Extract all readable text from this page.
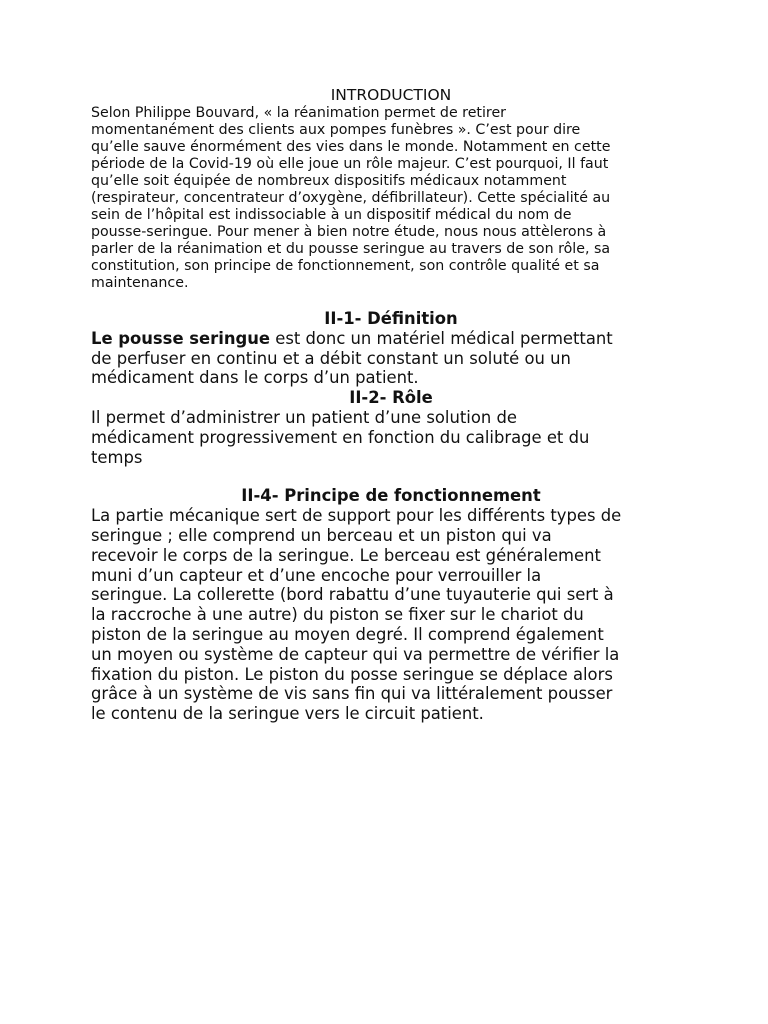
INTRODUCTION

Selon Philippe Bouvard, « la réanimation permet de retirer
momentanément des clients aux pompes funèbres ». C’est pour dire
qu’elle sauve énormément des vies dans le monde. Notamment en cette
période de la Covid-19 où elle joue un rôle majeur. C’est pourquoi, Il faut
qu’elle soit équipée de nombreux dispositifs médicaux notamment
(respirateur, concentrateur d’oxygène, défibrillateur). Cette spécialité au
sein de l’hôpital est indissociable à un dispositif médical du nom de
pousse-seringue. Pour mener à bien notre étude, nous nous attèlerons à
parler de la réanimation et du pousse seringue au travers de son rôle, sa
constitution, son principe de fonctionnement, son contrôle qualité et sa
maintenance.

II-1- Définition

Le pousse seringue est donc un matériel médical permettant
de perfuser en continu et a débit constant un soluté ou un
médicament dans le corps d’un patient.

II-2- Rôle

Il permet d’administrer un patient d’une solution de
médicament progressivement en fonction du calibrage et du
temps

II-4- Principe de fonctionnement

La partie mécanique sert de support pour les différents types de
seringue ; elle comprend un berceau et un piston qui va
recevoir le corps de la seringue. Le berceau est généralement
muni d’un capteur et d’une encoche pour verrouiller la
seringue. La collerette (bord rabattu d’une tuyauterie qui sert à
la raccroche à une autre) du piston se fixer sur le chariot du
piston de la seringue au moyen degré. Il comprend également
un moyen ou système de capteur qui va permettre de vérifier la
fixation du piston. Le piston du posse seringue se déplace alors
grâce à un système de vis sans fin qui va littéralement pousser
le contenu de la seringue vers le circuit patient.
